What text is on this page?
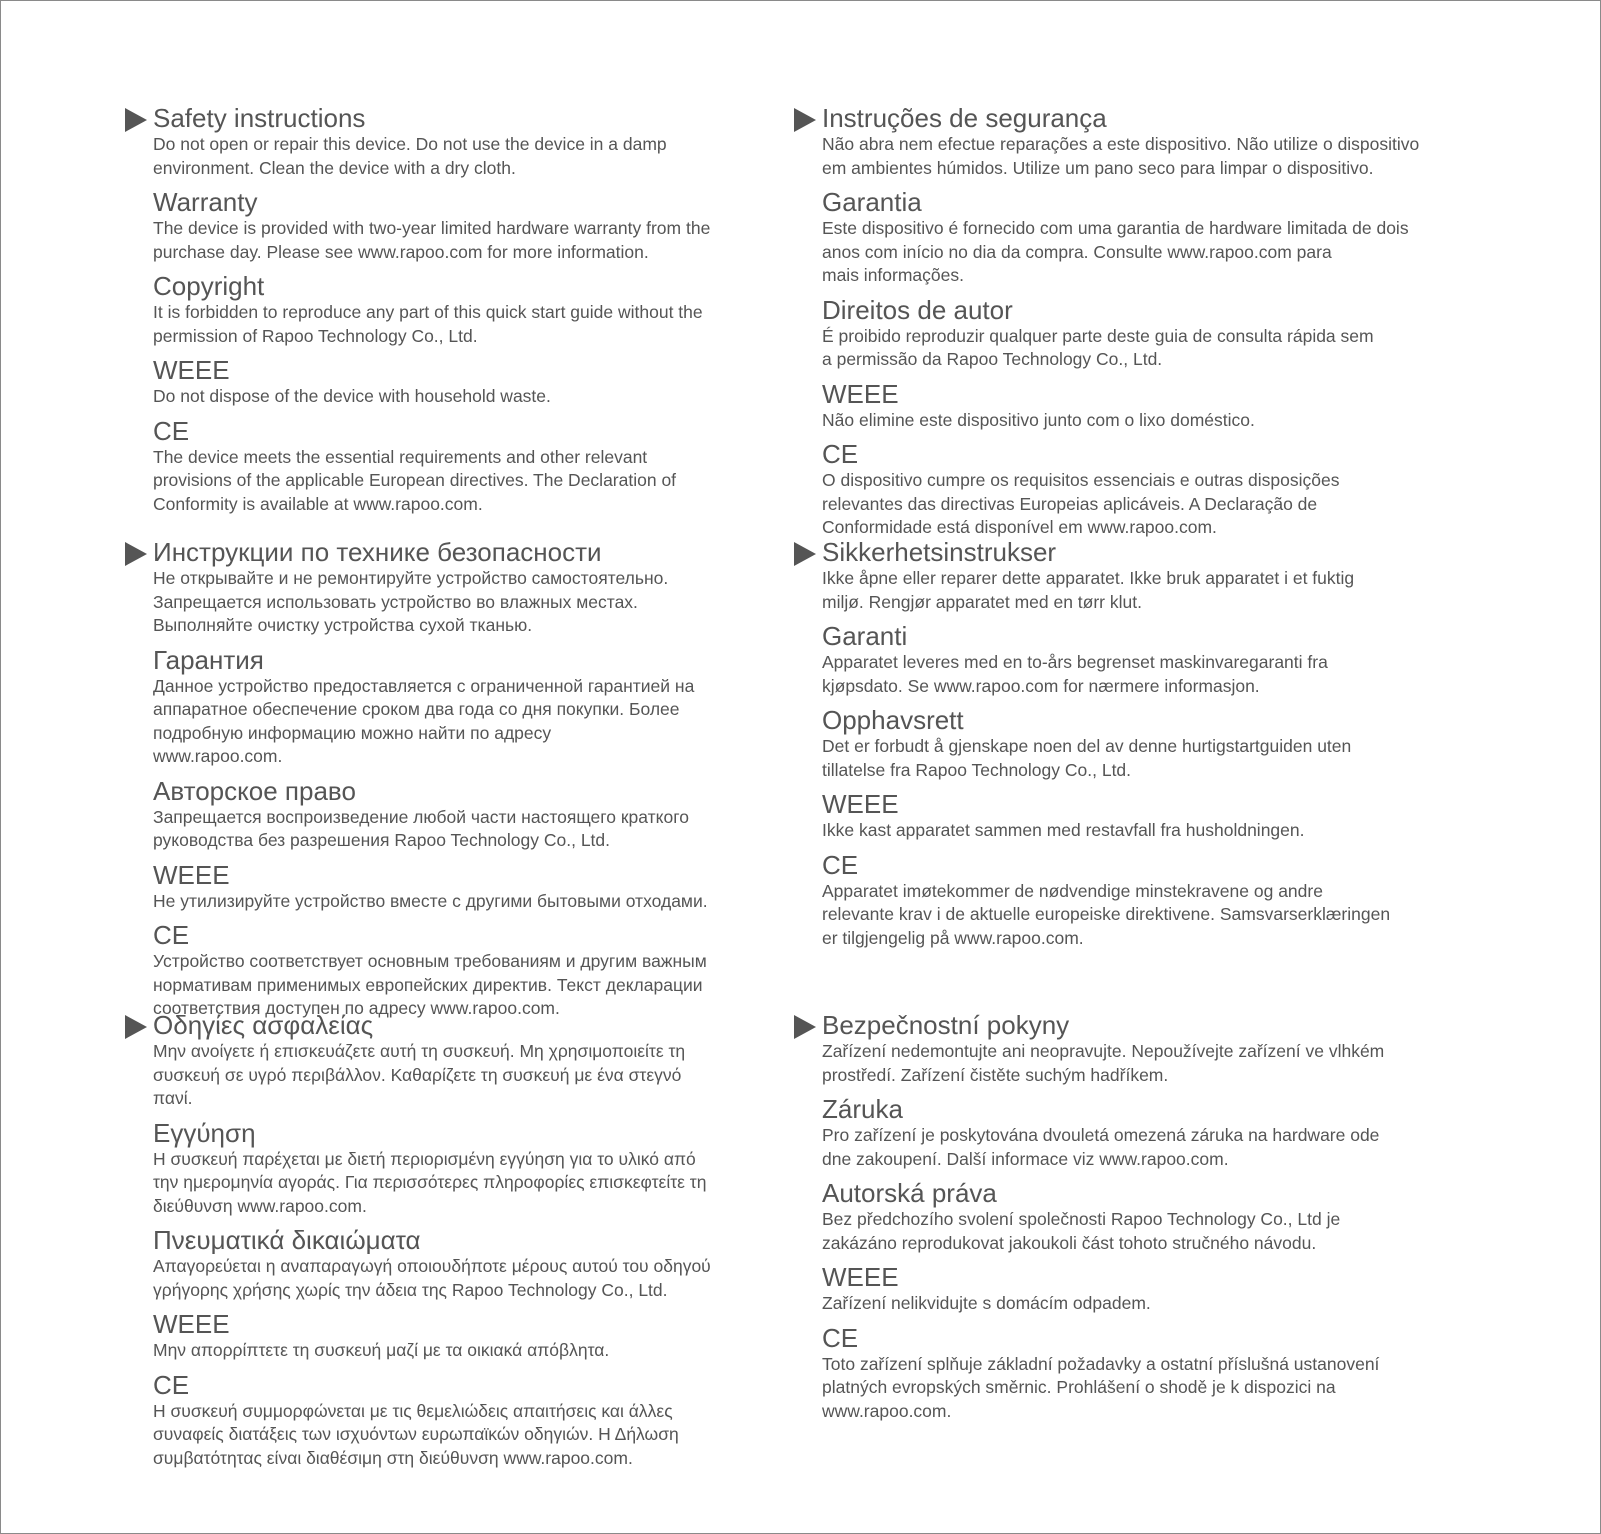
Safety instructions

Do not open or repair this device. Do not use the device in a damp
environment. Clean the device with a dry cloth.

Warranty

The device is provided with two-year limited hardware warranty from the
purchase day. Please see www.rapoo.com for more information.

Copyright

It is forbidden to reproduce any part of this quick start guide without the
permission of Rapoo Technology Co., Ltd.

WEEE

Do not dispose of the device with household waste.

CE

The device meets the essential requirements and other relevant
provisions of the applicable European directives. The Declaration of
Conformity is available at www.rapoo.com.

Instruções de segurança

Não abra nem efectue reparações a este dispositivo. Não utilize o dispositivo
em ambientes húmidos. Utilize um pano seco para limpar o dispositivo.

Garantia

Este dispositivo é fornecido com uma garantia de hardware limitada de dois
anos com início no dia da compra. Consulte www.rapoo.com para
mais informações.

Direitos de autor

É proibido reproduzir qualquer parte deste guia de consulta rápida sem
a permissão da Rapoo Technology Co., Ltd.

WEEE

Não elimine este dispositivo junto com o lixo doméstico.

CE

O dispositivo cumpre os requisitos essenciais e outras disposições
relevantes das directivas Europeias aplicáveis. A Declaração de
Conformidade está disponível em www.rapoo.com.

Инструкции по технике безопасности

Не открывайте и не ремонтируйте устройство самостоятельно.
Запрещается использовать устройство во влажных местах.
Выполняйте очистку устройства сухой тканью.

Гарантия

Данное устройство предоставляется с ограниченной гарантией на
аппаратное обеспечение сроком два года со дня покупки. Более
подробную информацию можно найти по адресу
www.rapoo.com.

Авторское право

Запрещается воспроизведение любой части настоящего краткого
руководства без разрешения Rapoo Technology Co., Ltd.

WEEE

Не утилизируйте устройство вместе с другими бытовыми отходами.

CE

Устройство соответствует основным требованиям и другим важным
нормативам применимых европейских директив. Текст декларации
соответствия доступен по адресу www.rapoo.com.

Sikkerhetsinstrukser

Ikke åpne eller reparer dette apparatet. Ikke bruk apparatet i et fuktig
miljø. Rengjør apparatet med en tørr klut.

Garanti

Apparatet leveres med en to-års begrenset maskinvaregaranti fra
kjøpsdato. Se www.rapoo.com for nærmere informasjon.

Opphavsrett

Det er forbudt å gjenskape noen del av denne hurtigstartguiden uten
tillatelse fra Rapoo Technology Co., Ltd.

WEEE

Ikke kast apparatet sammen med restavfall fra husholdningen.

CE

Apparatet imøtekommer de nødvendige minstekravene og andre
relevante krav i de aktuelle europeiske direktivene. Samsvarserklæringen
er tilgjengelig på www.rapoo.com.

Οδηγίες ασφαλείας

Μην ανοίγετε ή επισκευάζετε αυτή τη συσκευή. Μη χρησιμοποιείτε τη
συσκευή σε υγρό περιβάλλον. Καθαρίζετε τη συσκευή με ένα στεγνό
πανί.

Εγγύηση

Η συσκευή παρέχεται με διετή περιορισμένη εγγύηση για το υλικό από
την ημερομηνία αγοράς. Για περισσότερες πληροφορίες επισκεφτείτε τη
διεύθυνση www.rapoo.com.

Πνευματικά δικαιώματα

Απαγορεύεται η αναπαραγωγή οποιουδήποτε μέρους αυτού του οδηγού
γρήγορης χρήσης χωρίς την άδεια της Rapoo Technology Co., Ltd.

WEEE

Μην απορρίπτετε τη συσκευή μαζί με τα οικιακά απόβλητα.

CE

Η συσκευή συμμορφώνεται με τις θεμελιώδεις απαιτήσεις και άλλες
συναφείς διατάξεις των ισχυόντων ευρωπαϊκών οδηγιών. Η Δήλωση
συμβατότητας είναι διαθέσιμη στη διεύθυνση www.rapoo.com.

Bezpečnostní pokyny

Zařízení nedemontujte ani neopravujte. Nepoužívejte zařízení ve vlhkém
prostředí. Zařízení čistěte suchým hadříkem.

Záruka

Pro zařízení je poskytována dvouletá omezená záruka na hardware ode
dne zakoupení. Další informace viz www.rapoo.com.

Autorská práva

Bez předchozího svolení společnosti Rapoo Technology Co., Ltd je
zakázáno reprodukovat jakoukoli část tohoto stručného návodu.

WEEE

Zařízení nelikvidujte s domácím odpadem.

CE

Toto zařízení splňuje základní požadavky a ostatní příslušná ustanovení
platných evropských směrnic. Prohlášení o shodě je k dispozici na
www.rapoo.com.
